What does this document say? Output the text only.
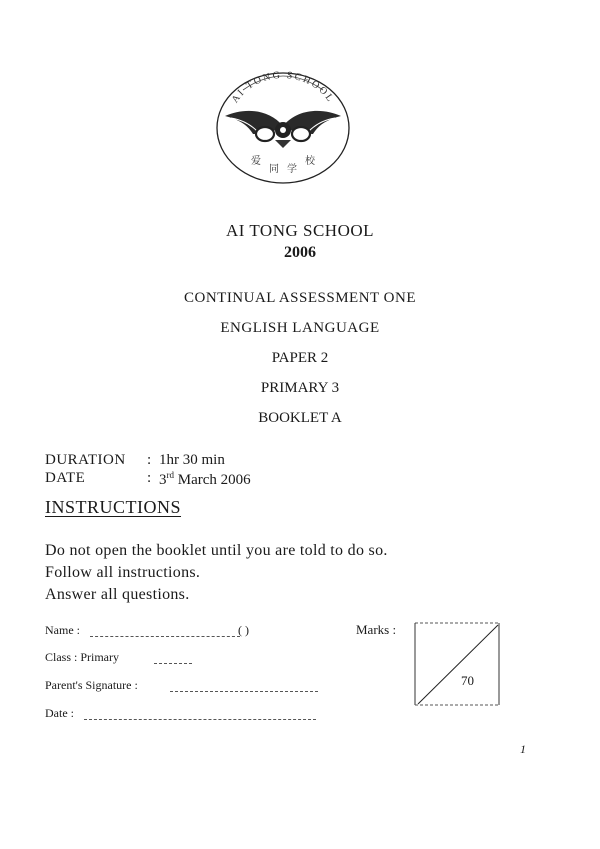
AI TONG SCHOOL
爱
同 学
校
AI TONG SCHOOL
2006
CONTINUAL ASSESSMENT ONE
ENGLISH LANGUAGE
PAPER 2
PRIMARY 3
BOOKLET A
DURATION : 1hr 30 min
DATE	: 3rd March 2006
INSTRUCTIONS
Do not open the booklet until you are told to do so.
Follow all instructions.
Answer all questions.
Name :	( )
Class : Primary
Parent's Signature :
Date :
Marks :
70
1
